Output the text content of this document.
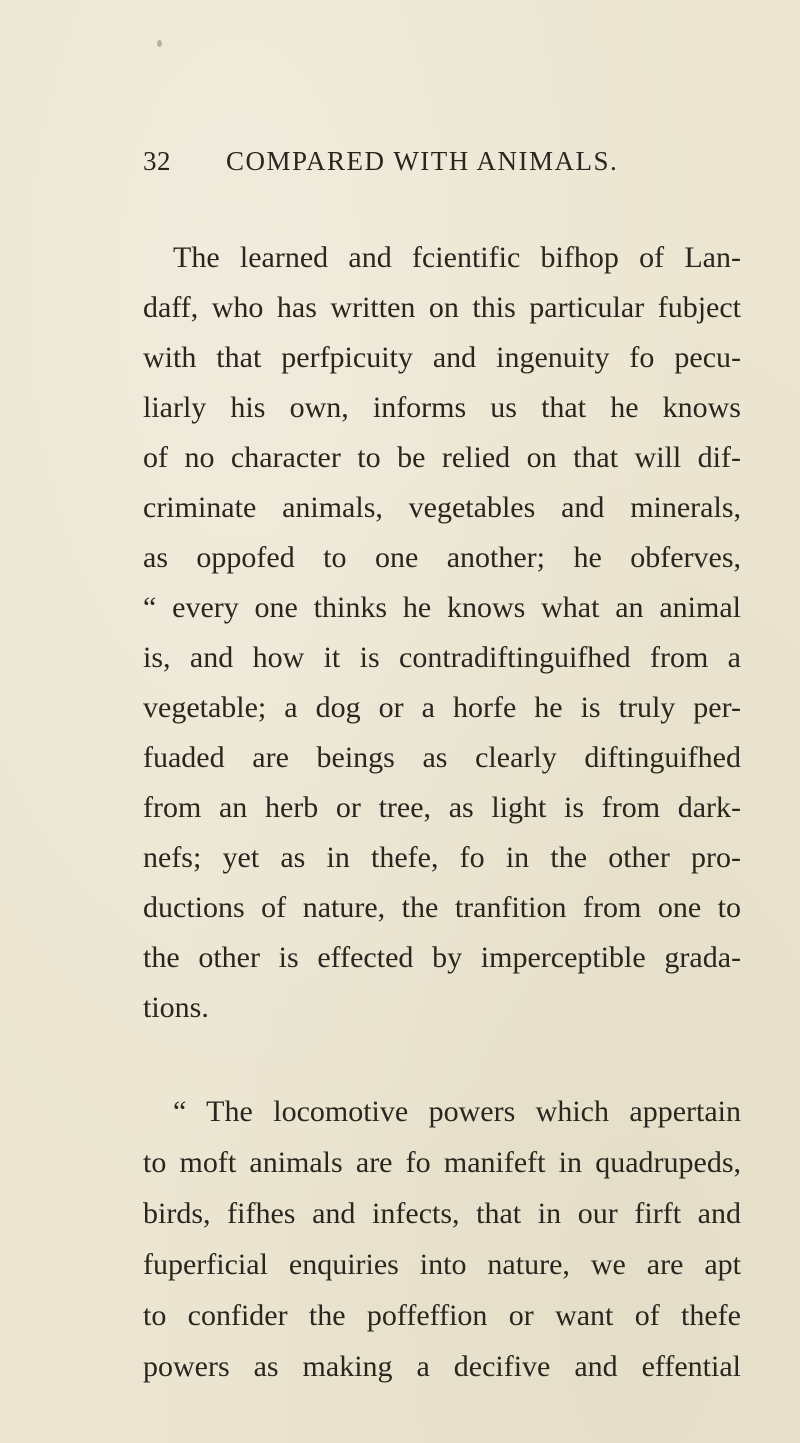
32 COMPARED WITH ANIMALS.
The learned and fcientific bifhop of Lan-
daff, who has written on this particular fubject
with that perfpicuity and ingenuity fo pecu-
liarly his own, informs us that he knows
of no character to be relied on that will dif-
criminate animals, vegetables and minerals,
as oppofed to one another; he obferves,
“ every one thinks he knows what an animal
is, and how it is contradiftinguifhed from a
vegetable; a dog or a horfe he is truly per-
fuaded are beings as clearly diftinguifhed
from an herb or tree, as light is from dark-
nefs; yet as in thefe, fo in the other pro-
ductions of nature, the tranfition from one to
the other is effected by imperceptible grada-
tions.
“ The locomotive powers which appertain
to moft animals are fo manifeft in quadrupeds,
birds, fifhes and infects, that in our firft and
fuperficial enquiries into nature, we are apt
to confider the poffeffion or want of thefe
powers as making a decifive and effential
